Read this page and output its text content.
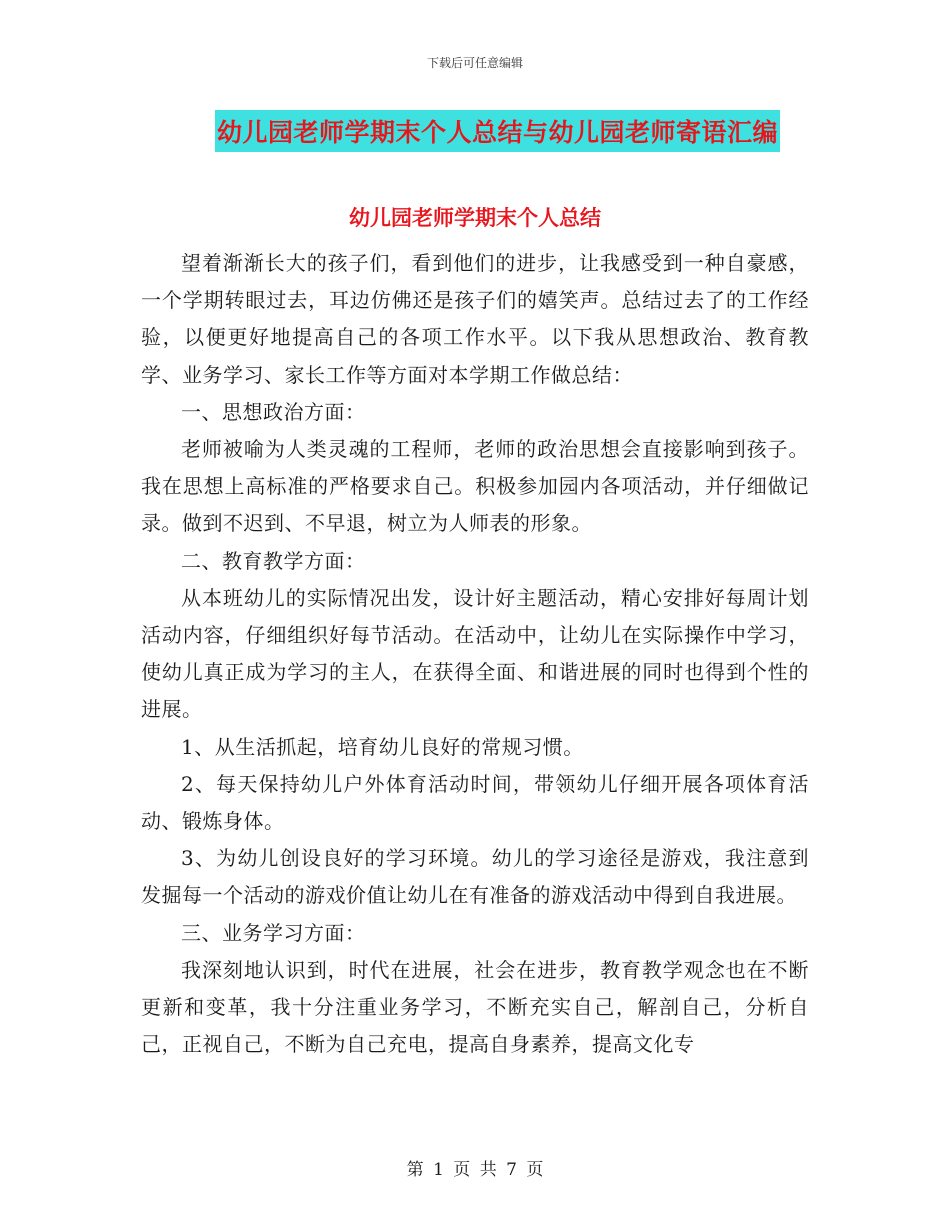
下载后可任意编辑
幼儿园老师学期末个人总结与幼儿园老师寄语汇编
幼儿园老师学期末个人总结

望着渐渐长大的孩子们，看到他们的进步，让我感受到一种自豪感，一个学期转眼过去，耳边仿佛还是孩子们的嬉笑声。总结过去了的工作经验，以便更好地提高自己的各项工作水平。以下我从思想政治、教育教学、业务学习、家长工作等方面对本学期工作做总结：

一、思想政治方面：

老师被喻为人类灵魂的工程师，老师的政治思想会直接影响到孩子。我在思想上高标准的严格要求自己。积极参加园内各项活动，并仔细做记录。做到不迟到、不早退，树立为人师表的形象。

二、教育教学方面：

从本班幼儿的实际情况出发，设计好主题活动，精心安排好每周计划活动内容，仔细组织好每节活动。在活动中，让幼儿在实际操作中学习，使幼儿真正成为学习的主人，在获得全面、和谐进展的同时也得到个性的进展。

1、从生活抓起，培育幼儿良好的常规习惯。

2、每天保持幼儿户外体育活动时间，带领幼儿仔细开展各项体育活动、锻炼身体。

3、为幼儿创设良好的学习环境。幼儿的学习途径是游戏，我注意到发掘每一个活动的游戏价值让幼儿在有准备的游戏活动中得到自我进展。

三、业务学习方面：

我深刻地认识到，时代在进展，社会在进步，教育教学观念也在不断更新和变革，我十分注重业务学习，不断充实自己，解剖自己，分析自己，正视自己，不断为自己充电，提高自身素养，提高文化专

第 1 页 共 7 页
